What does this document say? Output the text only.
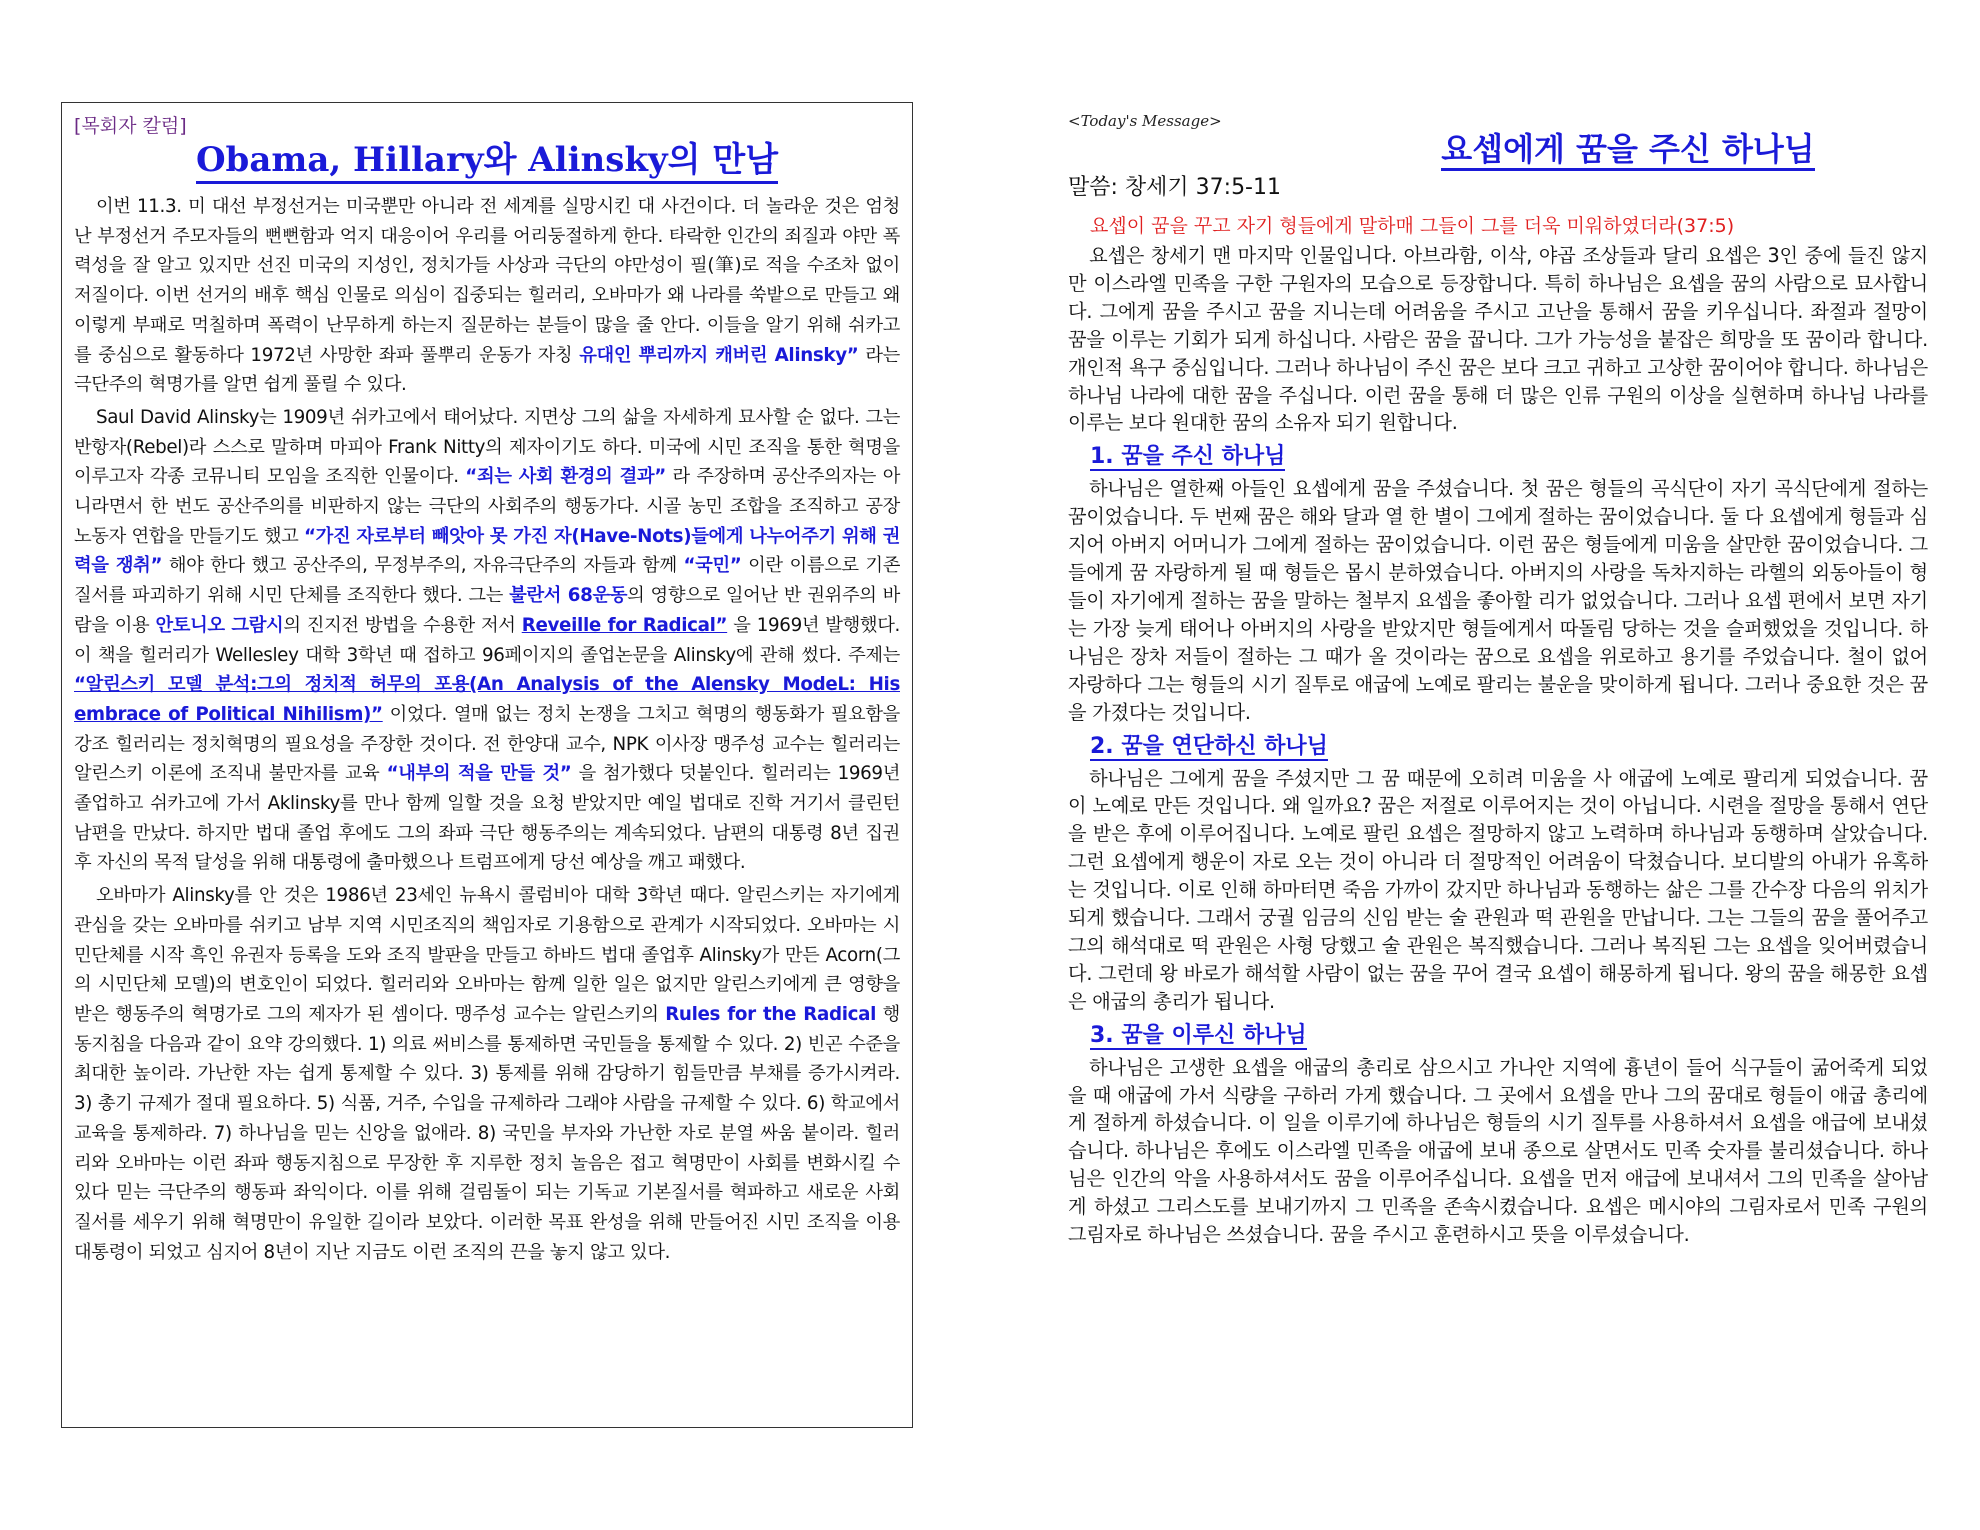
[목회자 칼럼]
Obama, Hillary와 Alinsky의 만남

이번 11.3. 미 대선 부정선거는 미국뿐만 아니라 전 세계를 실망시킨 대 사건이다. 더 놀라운 것은 엄청난 부정선거 주모자들의 뻔뻔함과 억지 대응이어 우리를 어리둥절하게 한다. 타락한 인간의 죄질과 야만 폭력성을 잘 알고 있지만 선진 미국의 지성인, 정치가들 사상과 극단의 야만성이 필(筆)로 적을 수조차 없이 저질이다. 이번 선거의 배후 핵심 인물로 의심이 집중되는 힐러리, 오바마가 왜 나라를 쑥밭으로 만들고 왜 이렇게 부패로 먹칠하며 폭력이 난무하게 하는지 질문하는 분들이 많을 줄 안다. 이들을 알기 위해 쉬카고를 중심으로 활동하다 1972년 사망한 좌파 풀뿌리 운동가 자칭 유대인 뿌리까지 캐버린 Alinsky” 라는 극단주의 혁명가를 알면 쉽게 풀릴 수 있다.

Saul David Alinsky는 1909년 쉬카고에서 태어났다. 지면상 그의 삶을 자세하게 묘사할 순 없다. 그는 반항자(Rebel)라 스스로 말하며 마피아 Frank Nitty의 제자이기도 하다. 미국에 시민 조직을 통한 혁명을 이루고자 각종 코뮤니티 모임을 조직한 인물이다. “죄는 사회 환경의 결과” 라 주장하며 공산주의자는 아니라면서 한 번도 공산주의를 비판하지 않는 극단의 사회주의 행동가다. 시골 농민 조합을 조직하고 공장 노동자 연합을 만들기도 했고 “가진 자로부터 빼앗아 못 가진 자(Have-Nots)들에게 나누어주기 위해 권력을 쟁취” 해야 한다 했고 공산주의, 무정부주의, 자유극단주의 자들과 함께 “국민” 이란 이름으로 기존 질서를 파괴하기 위해 시민 단체를 조직한다 했다. 그는 불란서 68운동의 영향으로 일어난 반 권위주의 바람을 이용 안토니오 그람시의 진지전 방법을 수용한 저서 Reveille for Radical” 을 1969년 발행했다. 이 책을 힐러리가 Wellesley 대학 3학년 때 접하고 96페이지의 졸업논문을 Alinsky에 관해 썼다. 주제는 “알린스키 모델 분석:그의 정치적 허무의 포용(An Analysis of the Alensky ModeL: His embrace of Political Nihilism)” 이었다. 열매 없는 정치 논쟁을 그치고 혁명의 행동화가 필요함을 강조 힐러리는 정치혁명의 필요성을 주장한 것이다. 전 한양대 교수, NPK 이사장 맹주성 교수는 힐러리는 알린스키 이론에 조직내 불만자를 교육 “내부의 적을 만들 것” 을 첨가했다 덧붙인다. 힐러리는 1969년 졸업하고 쉬카고에 가서 Aklinsky를 만나 함께 일할 것을 요청 받았지만 예일 법대로 진학 거기서 클린턴 남편을 만났다. 하지만 법대 졸업 후에도 그의 좌파 극단 행동주의는 계속되었다. 남편의 대통령 8년 집권 후 자신의 목적 달성을 위해 대통령에 출마했으나 트럼프에게 당선 예상을 깨고 패했다.

오바마가 Alinsky를 안 것은 1986년 23세인 뉴욕시 콜럼비아 대학 3학년 때다. 알린스키는 자기에게 관심을 갖는 오바마를 쉬키고 남부 지역 시민조직의 책임자로 기용함으로 관계가 시작되었다. 오바마는 시민단체를 시작 흑인 유권자 등록을 도와 조직 발판을 만들고 하바드 법대 졸업후 Alinsky가 만든 Acorn(그의 시민단체 모델)의 변호인이 되었다. 힐러리와 오바마는 함께 일한 일은 없지만 알린스키에게 큰 영향을 받은 행동주의 혁명가로 그의 제자가 된 셈이다. 맹주성 교수는 알린스키의 Rules for the Radical 행동지침을 다음과 같이 요약 강의했다. 1) 의료 써비스를 통제하면 국민들을 통제할 수 있다. 2) 빈곤 수준을 최대한 높이라. 가난한 자는 쉽게 통제할 수 있다. 3) 통제를 위해 감당하기 힘들만큼 부채를 증가시켜라. 3) 총기 규제가 절대 필요하다. 5) 식품, 거주, 수입을 규제하라 그래야 사람을 규제할 수 있다. 6) 학교에서 교육을 통제하라. 7) 하나님을 믿는 신앙을 없애라. 8) 국민을 부자와 가난한 자로 분열 싸움 붙이라. 힐러리와 오바마는 이런 좌파 행동지침으로 무장한 후 지루한 정치 놀음은 접고 혁명만이 사회를 변화시킬 수 있다 믿는 극단주의 행동파 좌익이다. 이를 위해 걸림돌이 되는 기독교 기본질서를 혁파하고 새로운 사회 질서를 세우기 위해 혁명만이 유일한 길이라 보았다. 이러한 목표 완성을 위해 만들어진 시민 조직을 이용 대통령이 되었고 심지어 8년이 지난 지금도 이런 조직의 끈을 놓지 않고 있다.

<Today's Message>

요셉에게 꿈을 주신 하나님

말씀: 창세기 37:5-11

요셉이 꿈을 꾸고 자기 형들에게 말하매 그들이 그를 더욱 미워하였더라(37:5)

요셉은 창세기 맨 마지막 인물입니다. 아브라함, 이삭, 야곱 조상들과 달리 요셉은 3인 중에 들진 않지만 이스라엘 민족을 구한 구원자의 모습으로 등장합니다. 특히 하나님은 요셉을 꿈의 사람으로 묘사합니다. 그에게 꿈을 주시고 꿈을 지니는데 어려움을 주시고 고난을 통해서 꿈을 키우십니다. 좌절과 절망이 꿈을 이루는 기회가 되게 하십니다. 사람은 꿈을 꿉니다. 그가 가능성을 붙잡은 희망을 또 꿈이라 합니다. 개인적 욕구 중심입니다. 그러나 하나님이 주신 꿈은 보다 크고 귀하고 고상한 꿈이어야 합니다. 하나님은 하나님 나라에 대한 꿈을 주십니다. 이런 꿈을 통해 더 많은 인류 구원의 이상을 실현하며 하나님 나라를 이루는 보다 원대한 꿈의 소유자 되기 원합니다.

1. 꿈을 주신 하나님

하나님은 열한째 아들인 요셉에게 꿈을 주셨습니다. 첫 꿈은 형들의 곡식단이 자기 곡식단에게 절하는 꿈이었습니다. 두 번째 꿈은 해와 달과 열 한 별이 그에게 절하는 꿈이었습니다. 둘 다 요셉에게 형들과 심지어 아버지 어머니가 그에게 절하는 꿈이었습니다. 이런 꿈은 형들에게 미움을 살만한 꿈이었습니다. 그들에게 꿈 자랑하게 될 때 형들은 몹시 분하였습니다. 아버지의 사랑을 독차지하는 라헬의 외동아들이 형들이 자기에게 절하는 꿈을 말하는 철부지 요셉을 좋아할 리가 없었습니다. 그러나 요셉 편에서 보면 자기는 가장 늦게 태어나 아버지의 사랑을 받았지만 형들에게서 따돌림 당하는 것을 슬퍼했었을 것입니다. 하나님은 장차 저들이 절하는 그 때가 올 것이라는 꿈으로 요셉을 위로하고 용기를 주었습니다. 철이 없어 자랑하다 그는 형들의 시기 질투로 애굽에 노예로 팔리는 불운을 맞이하게 됩니다. 그러나 중요한 것은 꿈을 가졌다는 것입니다.

2. 꿈을 연단하신 하나님

하나님은 그에게 꿈을 주셨지만 그 꿈 때문에 오히려 미움을 사 애굽에 노예로 팔리게 되었습니다. 꿈이 노예로 만든 것입니다. 왜 일까요? 꿈은 저절로 이루어지는 것이 아닙니다. 시련을 절망을 통해서 연단을 받은 후에 이루어집니다. 노예로 팔린 요셉은 절망하지 않고 노력하며 하나님과 동행하며 살았습니다. 그런 요셉에게 행운이 자로 오는 것이 아니라 더 절망적인 어려움이 닥쳤습니다. 보디발의 아내가 유혹하는 것입니다. 이로 인해 하마터면 죽음 가까이 갔지만 하나님과 동행하는 삶은 그를 간수장 다음의 위치가 되게 했습니다. 그래서 궁궐 임금의 신임 받는 술 관원과 떡 관원을 만납니다. 그는 그들의 꿈을 풀어주고 그의 해석대로 떡 관원은 사형 당했고 술 관원은 복직했습니다. 그러나 복직된 그는 요셉을 잊어버렸습니다. 그런데 왕 바로가 해석할 사람이 없는 꿈을 꾸어 결국 요셉이 해몽하게 됩니다. 왕의 꿈을 해몽한 요셉은 애굽의 총리가 됩니다.

3. 꿈을 이루신 하나님

하나님은 고생한 요셉을 애굽의 총리로 삼으시고 가나안 지역에 흉년이 들어 식구들이 굶어죽게 되었을 때 애굽에 가서 식량을 구하러 가게 했습니다. 그 곳에서 요셉을 만나 그의 꿈대로 형들이 애굽 총리에게 절하게 하셨습니다. 이 일을 이루기에 하나님은 형들의 시기 질투를 사용하셔서 요셉을 애급에 보내셨습니다. 하나님은 후에도 이스라엘 민족을 애굽에 보내 종으로 살면서도 민족 숫자를 불리셨습니다. 하나님은 인간의 악을 사용하셔서도 꿈을 이루어주십니다. 요셉을 먼저 애급에 보내셔서 그의 민족을 살아남게 하셨고 그리스도를 보내기까지 그 민족을 존속시켰습니다. 요셉은 메시야의 그림자로서 민족 구원의 그림자로 하나님은 쓰셨습니다. 꿈을 주시고 훈련하시고 뜻을 이루셨습니다.
